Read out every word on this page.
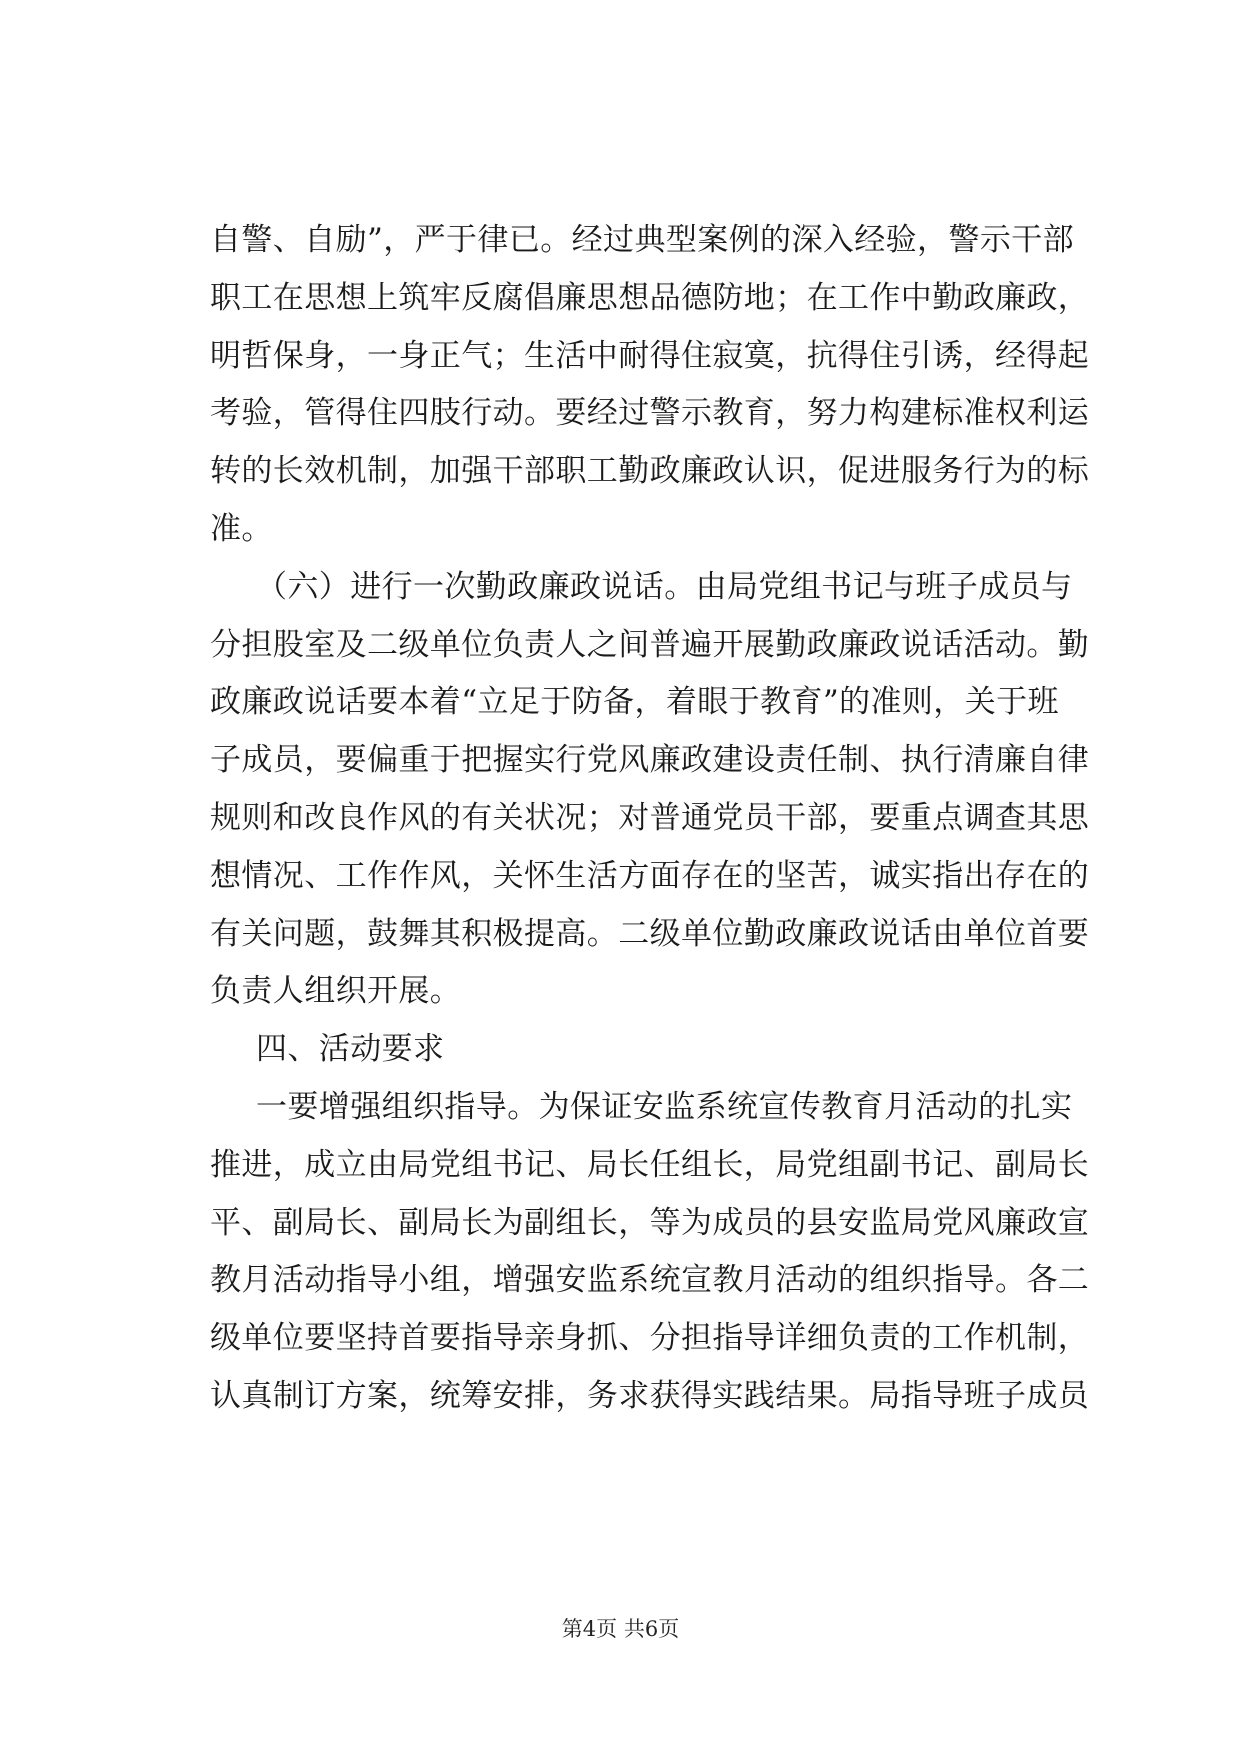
自警、自励”，严于律已。经过典型案例的深入经验，警示干部
职工在思想上筑牢反腐倡廉思想品德防地；在工作中勤政廉政，
明哲保身，一身正气；生活中耐得住寂寞，抗得住引诱，经得起
考验，管得住四肢行动。要经过警示教育，努力构建标准权利运
转的长效机制，加强干部职工勤政廉政认识，促进服务行为的标
准。
（六）进行一次勤政廉政说话。由局党组书记与班子成员与
分担股室及二级单位负责人之间普遍开展勤政廉政说话活动。勤
政廉政说话要本着“立足于防备，着眼于教育”的准则，关于班
子成员，要偏重于把握实行党风廉政建设责任制、执行清廉自律
规则和改良作风的有关状况；对普通党员干部，要重点调查其思
想情况、工作作风，关怀生活方面存在的坚苦，诚实指出存在的
有关问题，鼓舞其积极提高。二级单位勤政廉政说话由单位首要
负责人组织开展。
四、活动要求
一要增强组织指导。为保证安监系统宣传教育月活动的扎实
推进，成立由局党组书记、局长任组长，局党组副书记、副局长
平、副局长、副局长为副组长，等为成员的县安监局党风廉政宣
教月活动指导小组，增强安监系统宣教月活动的组织指导。各二
级单位要坚持首要指导亲身抓、分担指导详细负责的工作机制，
认真制订方案，统筹安排，务求获得实践结果。局指导班子成员
第4页 共6页
